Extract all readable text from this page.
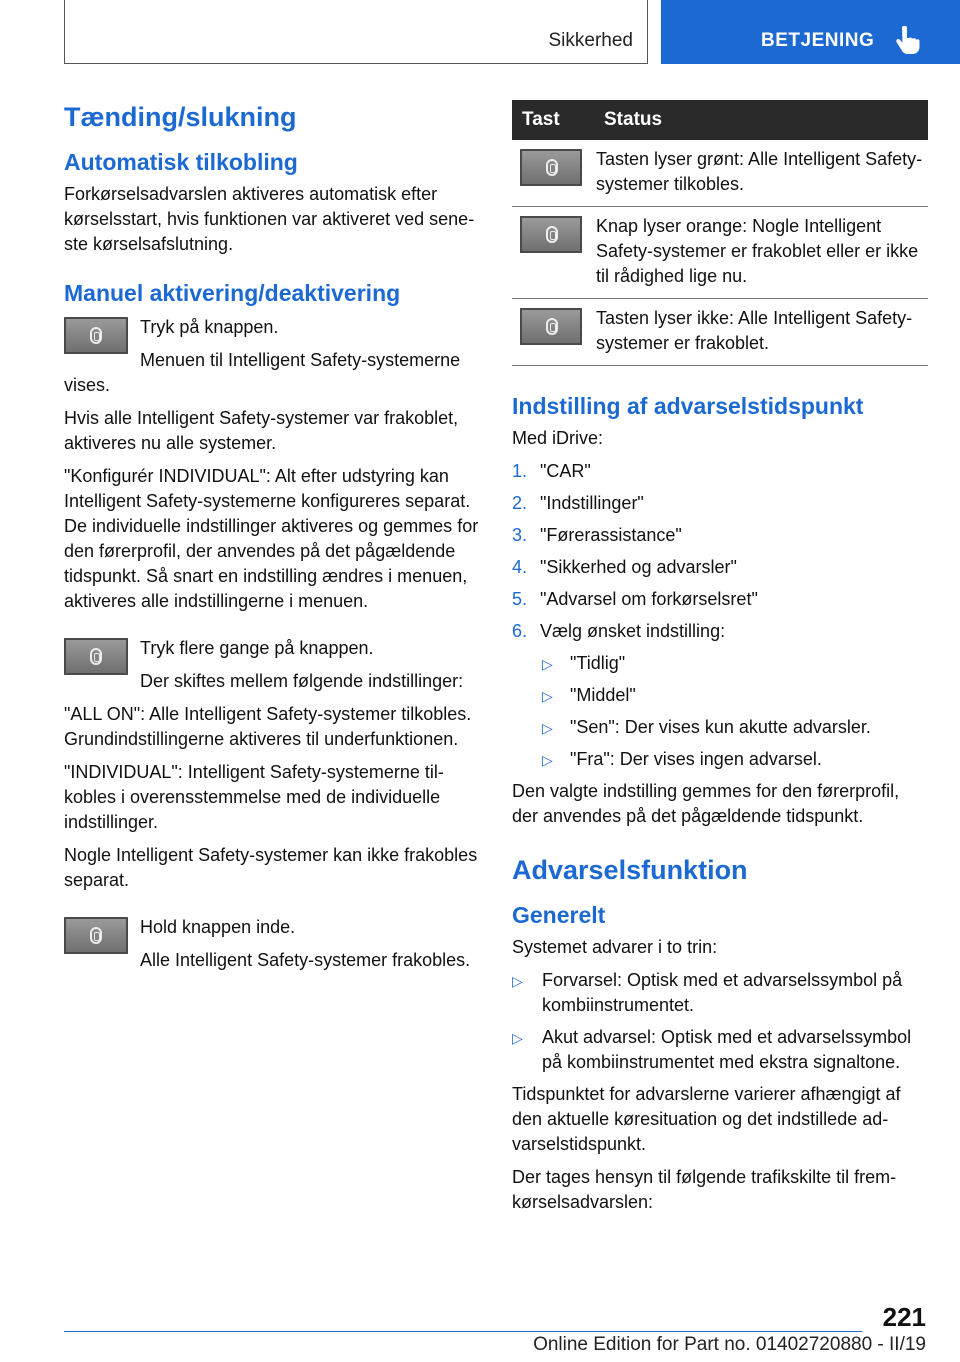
Sikkerhed	BETJENING
Tænding/slukning
Automatisk tilkobling

Forkørselsadvarslen aktiveres automatisk efter kørselsstart, hvis funktionen var aktiveret ved seneste kørselsafslutning.

Manuel aktivering/deaktivering

Tryk på knappen.

Menuen til Intelligent Safety-systemerne vises.

Hvis alle Intelligent Safety-systemer var frakoblet, aktiveres nu alle systemer.

"Konfigurér INDIVIDUAL": Alt efter udstyring kan Intelligent Safety-systemerne konfigureres separat. De individuelle indstillinger aktiveres og gemmes for den førerprofil, der anvendes på det pågældende tidspunkt. Så snart en indstilling ændres i menuen, aktiveres alle indstillingerne i menuen.

Tryk flere gange på knappen.

Der skiftes mellem følgende indstillinger:

"ALL ON": Alle Intelligent Safety-systemer tilkobles. Grundindstillingerne aktiveres til underfunktionen.

"INDIVIDUAL": Intelligent Safety-systemerne tilkobles i overensstemmelse med de individuelle indstillinger.

Nogle Intelligent Safety-systemer kan ikke frakobles separat.

Hold knappen inde.

Alle Intelligent Safety-systemer frakobles.

Tast	Status

	Tasten lyser grønt: Alle Intelligent Safety-systemer tilkobles.

	Knap lyser orange: Nogle Intelligent Safety-systemer er frakoblet eller er ikke til rådighed lige nu.

	Tasten lyser ikke: Alle Intelligent Safety-systemer er frakoblet.
Indstilling af advarselstidspunkt

Med iDrive:

1. "CAR"
2. "Indstillinger"
3. "Førerassistance"
4. "Sikkerhed og advarsler"
5. "Advarsel om forkørselsret"
6. Vælg ønsket indstilling:
▷ "Tidlig"
▷ "Middel"
▷ "Sen": Der vises kun akutte advarsler.
▷ "Fra": Der vises ingen advarsel.

Den valgte indstilling gemmes for den førerprofil, der anvendes på det pågældende tidspunkt.

Advarselsfunktion
Generelt

Systemet advarer i to trin:

▷ Forvarsel: Optisk med et advarselssymbol på kombiinstrumentet.
▷ Akut advarsel: Optisk med et advarselssymbol på kombiinstrumentet med ekstra signaltone.

Tidspunktet for advarslerne varierer afhængigt af den aktuelle køresituation og det indstillede advarselstidspunkt.

Der tages hensyn til følgende trafikskilte til fremkørselsadvarslen:

221
Online Edition for Part no. 01402720880 - II/19
